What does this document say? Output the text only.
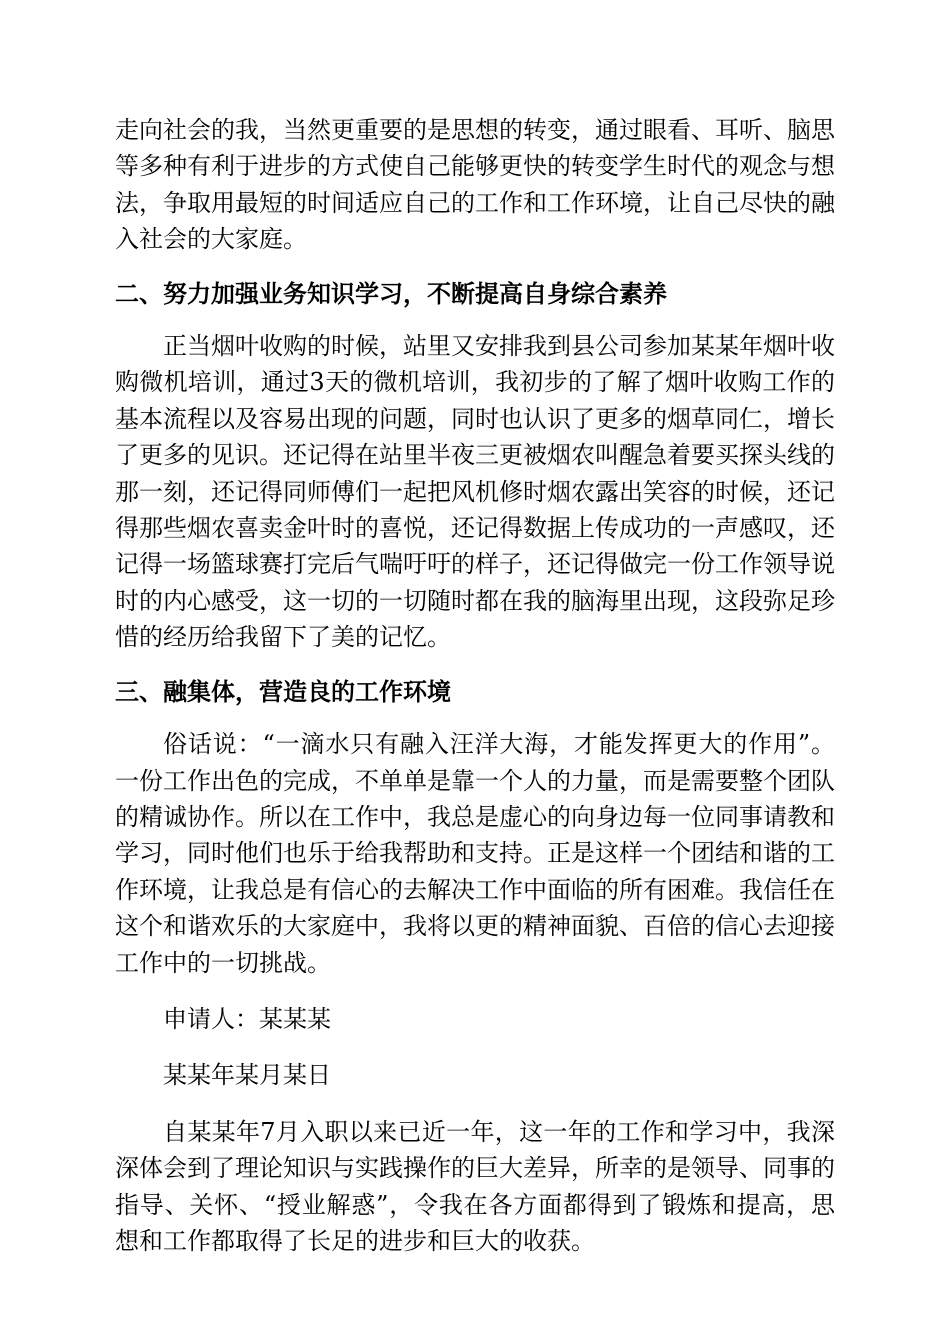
走向社会的我，当然更重要的是思想的转变，通过眼看、耳听、脑思等多种有利于进步的方式使自己能够更快的转变学生时代的观念与想法，争取用最短的时间适应自己的工作和工作环境，让自己尽快的融入社会的大家庭。

二、努力加强业务知识学习，不断提高自身综合素养

正当烟叶收购的时候，站里又安排我到县公司参加某某年烟叶收购微机培训，通过3天的微机培训，我初步的了解了烟叶收购工作的基本流程以及容易出现的问题，同时也认识了更多的烟草同仁，增长了更多的见识。还记得在站里半夜三更被烟农叫醒急着要买探头线的那一刻，还记得同师傅们一起把风机修时烟农露出笑容的时候，还记得那些烟农喜卖金叶时的喜悦，还记得数据上传成功的一声感叹，还记得一场篮球赛打完后气喘吁吁的样子，还记得做完一份工作领导说时的内心感受，这一切的一切随时都在我的脑海里出现，这段弥足珍惜的经历给我留下了美的记忆。

三、融集体，营造良的工作环境

俗话说：“一滴水只有融入汪洋大海，才能发挥更大的作用”。一份工作出色的完成，不单单是靠一个人的力量，而是需要整个团队的精诚协作。所以在工作中，我总是虚心的向身边每一位同事请教和学习，同时他们也乐于给我帮助和支持。正是这样一个团结和谐的工作环境，让我总是有信心的去解决工作中面临的所有困难。我信任在这个和谐欢乐的大家庭中，我将以更的精神面貌、百倍的信心去迎接工作中的一切挑战。

申请人：某某某

某某年某月某日

自某某年7月入职以来已近一年，这一年的工作和学习中，我深深体会到了理论知识与实践操作的巨大差异，所幸的是领导、同事的指导、关怀、“授业解惑”，令我在各方面都得到了锻炼和提高，思想和工作都取得了长足的进步和巨大的收获。
